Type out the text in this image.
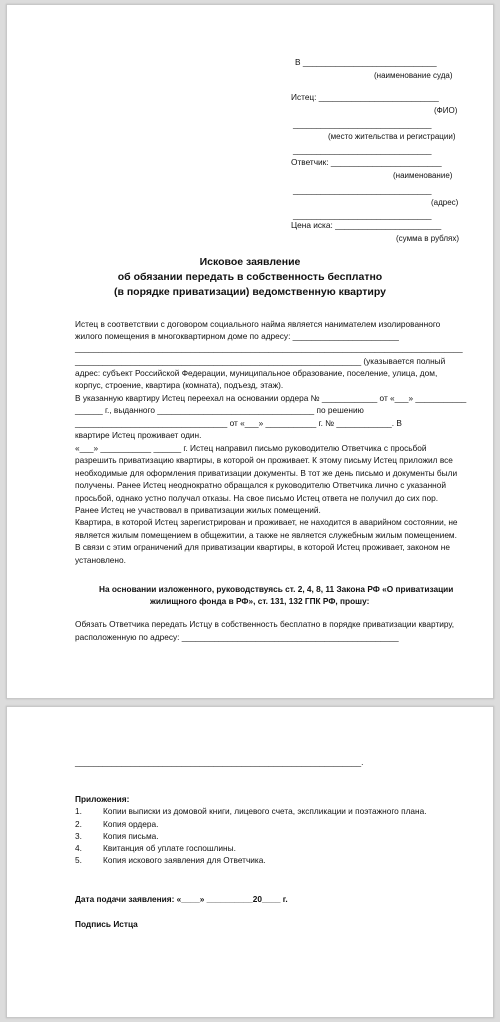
В _____________________________
(наименование суда)
Истец: __________________________
(ФИО)
______________________________
(место жительства и регистрации)
______________________________
Ответчик: ________________________
(наименование)
______________________________
(адрес)
______________________________
Цена иска: _______________________
(сумма в рублях)
Исковое заявление
об обязании передать в собственность бесплатно
(в порядке приватизации) ведомственную квартиру
Истец в соответствии с договором социального найма является нанимателем изолированного
жилого помещения в многоквартирном доме по адресу: _______________________
____________________________________________________________________________________
______________________________________________________________ (указывается полный
адрес: субъект Российской Федерации, муниципальное образование, поселение, улица, дом,
корпус, строение, квартира (комната), подъезд, этаж).
В указанную квартиру Истец переехал на основании ордера № ____________ от «___» ___________
______ г., выданного __________________________________ по решению
_________________________________ от «___» ___________ г. № ____________. В
квартире Истец проживает один.
«___» ___________ ______ г. Истец направил письмо руководителю Ответчика с просьбой
разрешить приватизацию квартиры, в которой он проживает. К этому письму Истец приложил все
необходимые для оформления приватизации документы. В тот же день письмо и документы были
получены. Ранее Истец неоднократно обращался к руководителю Ответчика лично с указанной
просьбой, однако устно получал отказы. На свое письмо Истец ответа не получил до сих пор.
Ранее Истец не участвовал в приватизации жилых помещений.
Квартира, в которой Истец зарегистрирован и проживает, не находится в аварийном состоянии, не
является жилым помещением в общежитии, а также не является служебным жилым помещением.
В связи с этим ограничений для приватизации квартиры, в которой Истец проживает, законом не
установлено.
На основании изложенного, руководствуясь ст. 2, 4, 8, 11 Закона РФ «О приватизации
жилищного фонда в РФ», ст. 131, 132 ГПК РФ, прошу:
Обязать Ответчика передать Истцу в собственность бесплатно в порядке приватизации квартиру,
расположенную по адресу: _______________________________________________
______________________________________________________________.
Приложения:
1.	Копии выписки из домовой книги, лицевого счета, экспликации и поэтажного плана.
2.	Копия ордера.
3.	Копия письма.
4.	Квитанция об уплате госпошлины.
5.	Копия искового заявления для Ответчика.
Дата подачи заявления: «____» __________20____ г.
Подпись Истца
